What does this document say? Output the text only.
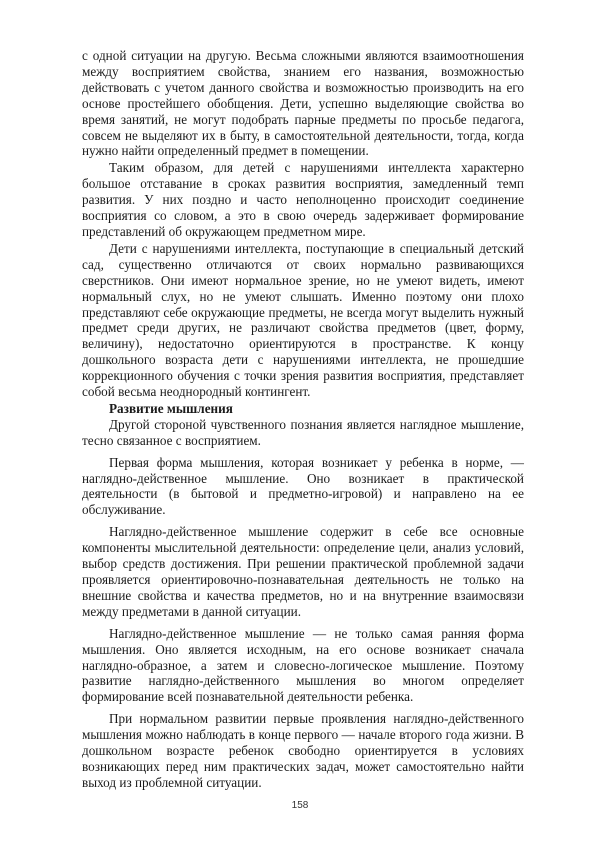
с одной ситуации на другую. Весьма сложными являются взаимоотношения между восприятием свойства, знанием его названия, возможностью действовать с учетом данного свойства и возможностью производить на его основе простейшего обобщения. Дети, успешно выделяющие свойства во время занятий, не могут подобрать парные предметы по просьбе педагога, совсем не выделяют их в быту, в самостоятельной деятельности, тогда, когда нужно найти определенный предмет в помещении.

Таким образом, для детей с нарушениями интеллекта характерно большое отставание в сроках развития восприятия, замедленный темп развития. У них поздно и часто неполноценно происходит соединение восприятия со словом, а это в свою очередь задерживает формирование представлений об окружающем предметном мире.

Дети с нарушениями интеллекта, поступающие в специальный детский сад, существенно отличаются от своих нормально развивающихся сверстников. Они имеют нормальное зрение, но не умеют видеть, имеют нормальный слух, но не умеют слышать. Именно поэтому они плохо представляют себе окружающие предметы, не всегда могут выделить нужный предмет среди других, не различают свойства предметов (цвет, форму, величину), недостаточно ориентируются в пространстве. К концу дошкольного возраста дети с нарушениями интеллекта, не прошедшие коррекционного обучения с точки зрения развития восприятия, представляет собой весьма неоднородный контингент.

Развитие мышления

Другой стороной чувственного познания является наглядное мышление, тесно связанное с восприятием.

Первая форма мышления, которая возникает у ребенка в норме, — наглядно-действенное мышление. Оно возникает в практической деятельности (в бытовой и предметно-игровой) и направлено на ее обслуживание.

Наглядно-действенное мышление содержит в себе все основные компоненты мыслительной деятельности: определение цели, анализ условий, выбор средств достижения. При решении практической проблемной задачи проявляется ориентировочно-познавательная деятельность не только на внешние свойства и качества предметов, но и на внутренние взаимосвязи между предметами в данной ситуации.

Наглядно-действенное мышление — не только самая ранняя форма мышления. Оно является исходным, на его основе возникает сначала наглядно-образное, а затем и словесно-логическое мышление. Поэтому развитие наглядно-действенного мышления во многом определяет формирование всей познавательной деятельности ребенка.

При нормальном развитии первые проявления наглядно-действенного мышления можно наблюдать в конце первого — начале второго года жизни. В дошкольном возрасте ребенок свободно ориентируется в условиях возникающих перед ним практических задач, может самостоятельно найти выход из проблемной ситуации.

158
